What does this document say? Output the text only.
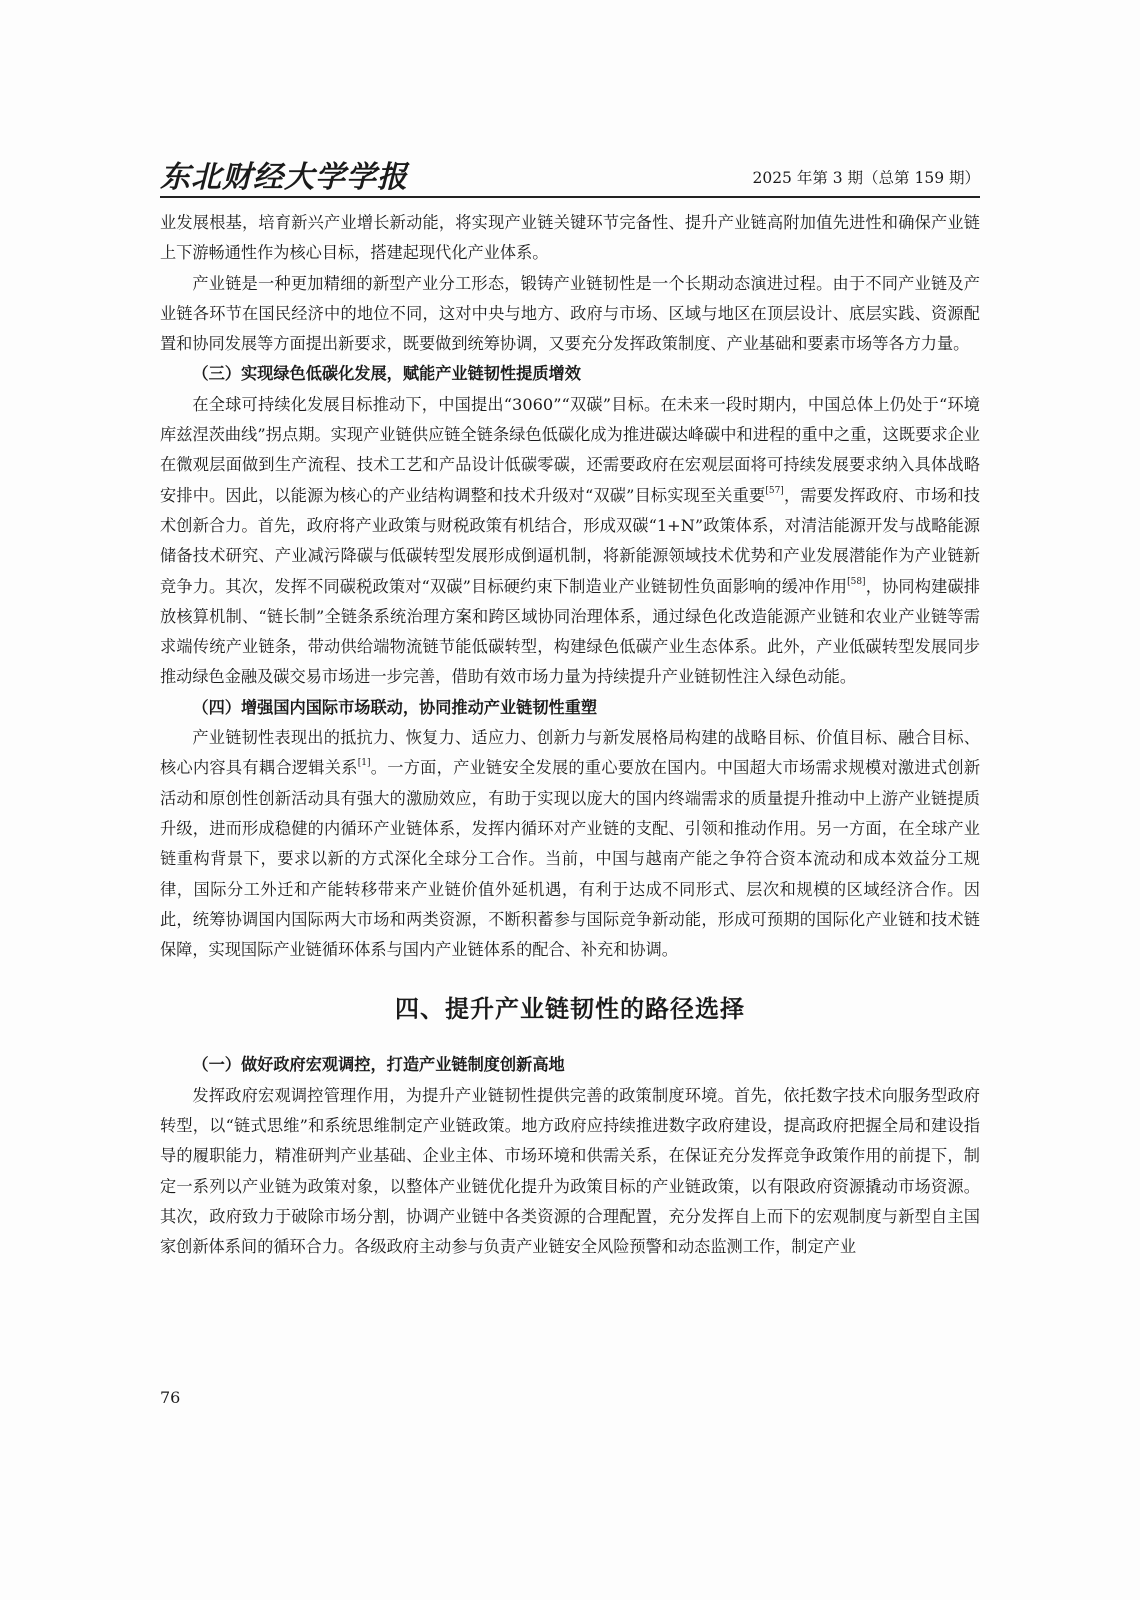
东北财经大学学报	2025 年第 3 期（总第 159 期）

业发展根基，培育新兴产业增长新动能，将实现产业链关键环节完备性、提升产业链高附加值先进性和确保产业链上下游畅通性作为核心目标，搭建起现代化产业体系。

产业链是一种更加精细的新型产业分工形态，锻铸产业链韧性是一个长期动态演进过程。由于不同产业链及产业链各环节在国民经济中的地位不同，这对中央与地方、政府与市场、区域与地区在顶层设计、底层实践、资源配置和协同发展等方面提出新要求，既要做到统筹协调，又要充分发挥政策制度、产业基础和要素市场等各方力量。

（三）实现绿色低碳化发展，赋能产业链韧性提质增效

在全球可持续化发展目标推动下，中国提出“3060”“双碳”目标。在未来一段时期内，中国总体上仍处于“环境库兹涅茨曲线”拐点期。实现产业链供应链全链条绿色低碳化成为推进碳达峰碳中和进程的重中之重，这既要求企业在微观层面做到生产流程、技术工艺和产品设计低碳零碳，还需要政府在宏观层面将可持续发展要求纳入具体战略安排中。因此，以能源为核心的产业结构调整和技术升级对“双碳”目标实现至关重要[57]，需要发挥政府、市场和技术创新合力。首先，政府将产业政策与财税政策有机结合，形成双碳“1+N”政策体系，对清洁能源开发与战略能源储备技术研究、产业减污降碳与低碳转型发展形成倒逼机制，将新能源领域技术优势和产业发展潜能作为产业链新竞争力。其次，发挥不同碳税政策对“双碳”目标硬约束下制造业产业链韧性负面影响的缓冲作用[58]，协同构建碳排放核算机制、“链长制”全链条系统治理方案和跨区域协同治理体系，通过绿色化改造能源产业链和农业产业链等需求端传统产业链条，带动供给端物流链节能低碳转型，构建绿色低碳产业生态体系。此外，产业低碳转型发展同步推动绿色金融及碳交易市场进一步完善，借助有效市场力量为持续提升产业链韧性注入绿色动能。

（四）增强国内国际市场联动，协同推动产业链韧性重塑

产业链韧性表现出的抵抗力、恢复力、适应力、创新力与新发展格局构建的战略目标、价值目标、融合目标、核心内容具有耦合逻辑关系[1]。一方面，产业链安全发展的重心要放在国内。中国超大市场需求规模对激进式创新活动和原创性创新活动具有强大的激励效应，有助于实现以庞大的国内终端需求的质量提升推动中上游产业链提质升级，进而形成稳健的内循环产业链体系，发挥内循环对产业链的支配、引领和推动作用。另一方面，在全球产业链重构背景下，要求以新的方式深化全球分工合作。当前，中国与越南产能之争符合资本流动和成本效益分工规律，国际分工外迁和产能转移带来产业链价值外延机遇，有利于达成不同形式、层次和规模的区域经济合作。因此，统筹协调国内国际两大市场和两类资源，不断积蓄参与国际竞争新动能，形成可预期的国际化产业链和技术链保障，实现国际产业链循环体系与国内产业链体系的配合、补充和协调。

四、提升产业链韧性的路径选择
（一）做好政府宏观调控，打造产业链制度创新高地

发挥政府宏观调控管理作用，为提升产业链韧性提供完善的政策制度环境。首先，依托数字技术向服务型政府转型，以“链式思维”和系统思维制定产业链政策。地方政府应持续推进数字政府建设，提高政府把握全局和建设指导的履职能力，精准研判产业基础、企业主体、市场环境和供需关系，在保证充分发挥竞争政策作用的前提下，制定一系列以产业链为政策对象，以整体产业链优化提升为政策目标的产业链政策，以有限政府资源撬动市场资源。其次，政府致力于破除市场分割，协调产业链中各类资源的合理配置，充分发挥自上而下的宏观制度与新型自主国家创新体系间的循环合力。各级政府主动参与负责产业链安全风险预警和动态监测工作，制定产业

76
